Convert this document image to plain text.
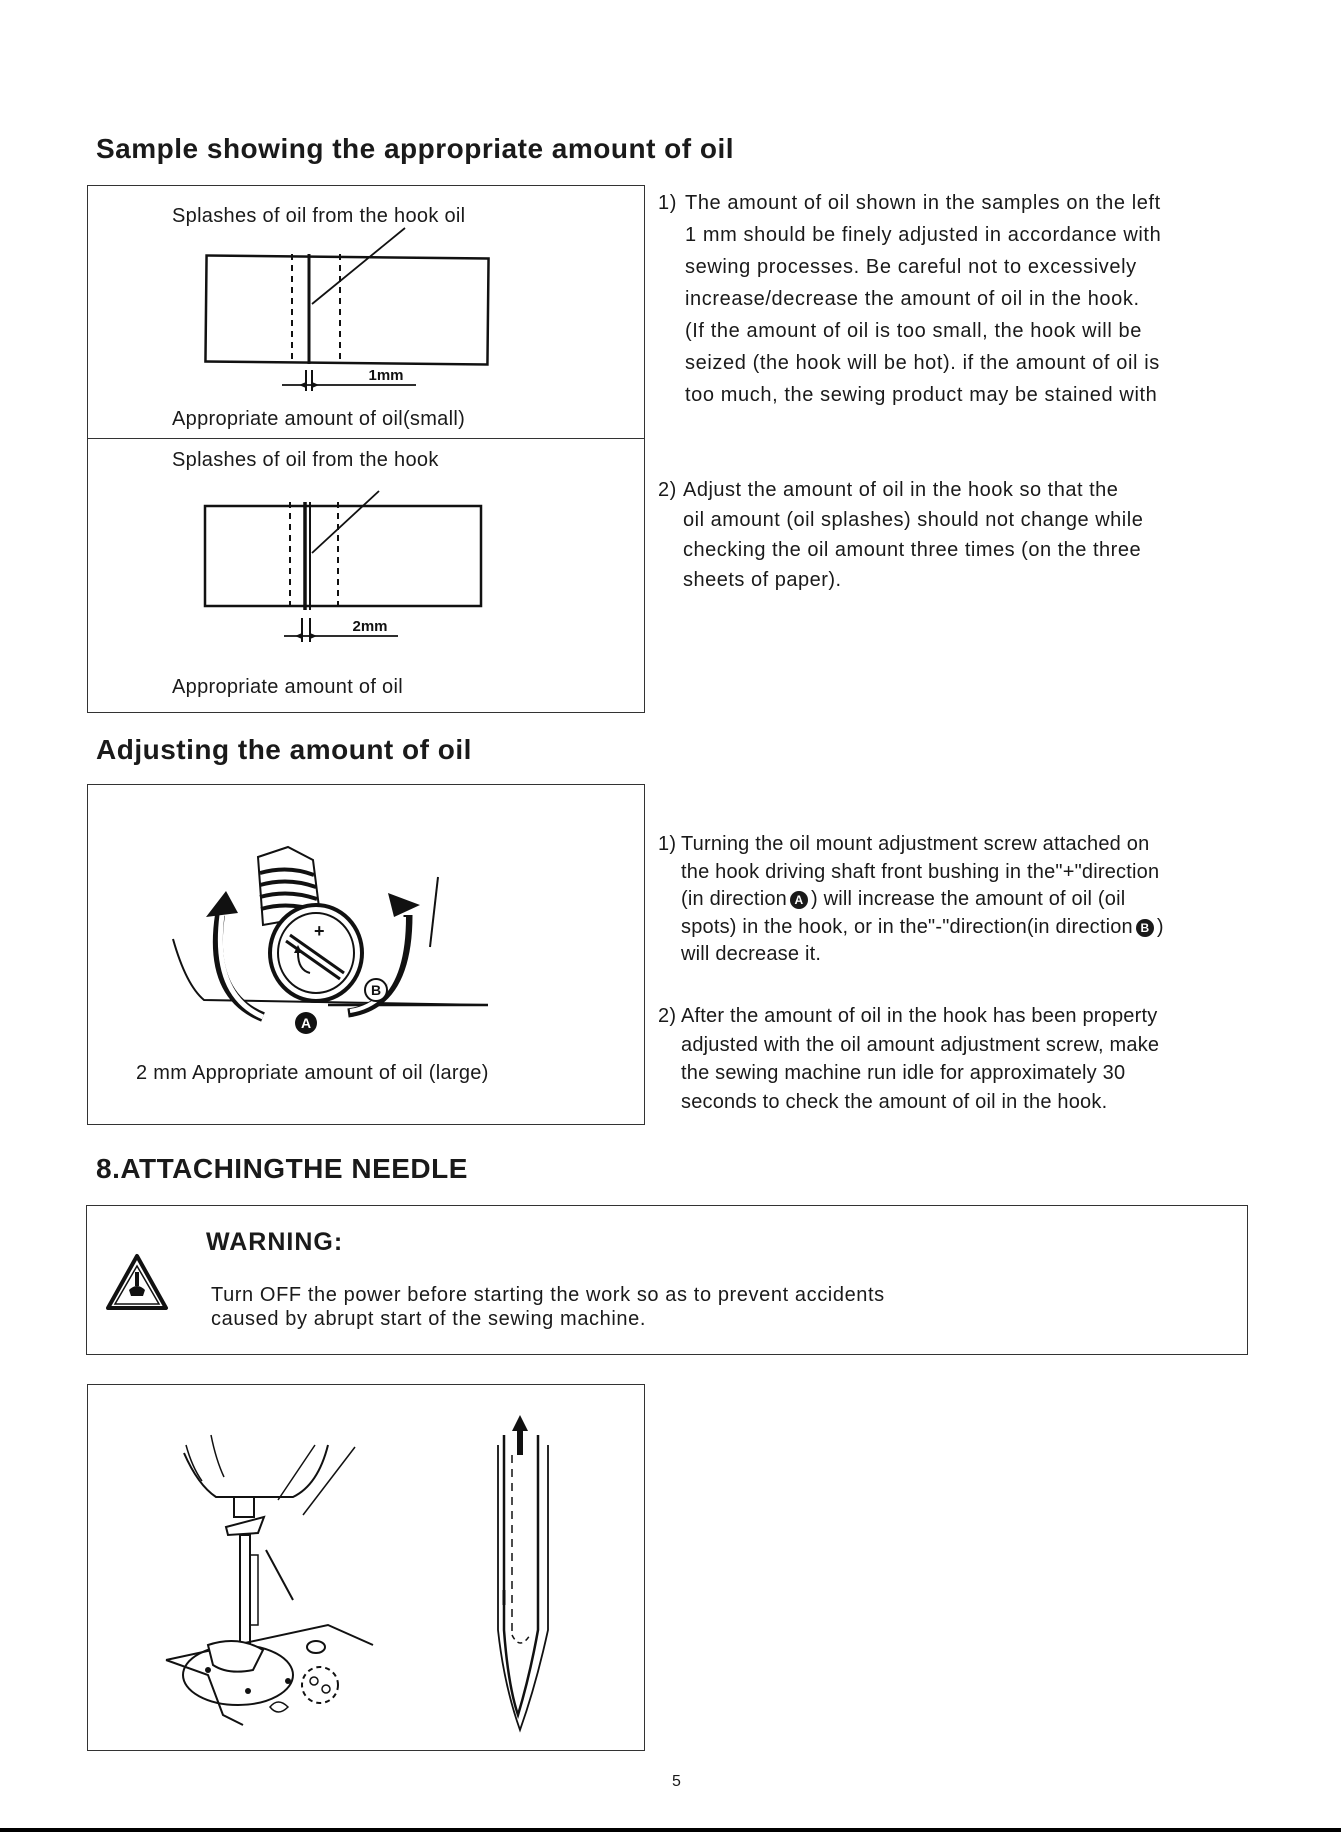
Sample showing the appropriate amount of oil
Splashes of oil from the hook oil
1mm
Appropriate amount of oil(small)
Splashes of oil from the hook
2mm
Appropriate amount of oil
1) The amount of oil shown in the samples on the left
1 mm should be finely adjusted in accordance with
sewing processes. Be careful not to excessively
increase/decrease the amount of oil in the hook.
(If the amount of oil is too small, the hook will be
seized (the hook will be hot). if the amount of oil is
too much, the sewing product may be stained with
2) Adjust the amount of oil in the hook so that the
oil amount (oil splashes) should not change while
checking the oil amount three times (on the three
sheets of paper).
Adjusting the amount of oil
+
A
B
2 mm Appropriate amount of oil (large)
1) Turning the oil mount adjustment screw attached on
the hook driving shaft front bushing in the"+"direction
(in direction A ) will increase the amount of oil (oil
spots) in the hook, or in the"-"direction(in direction B )
will decrease it.
2) After the amount of oil in the hook has been property
adjusted with the oil amount adjustment screw, make
the sewing machine run idle for approximately 30
seconds to check the amount of oil in the hook.
8.ATTACHINGTHE NEEDLE
WARNING:
Turn OFF the power before starting the work so as to prevent accidents
caused by abrupt start of the sewing machine.
5
